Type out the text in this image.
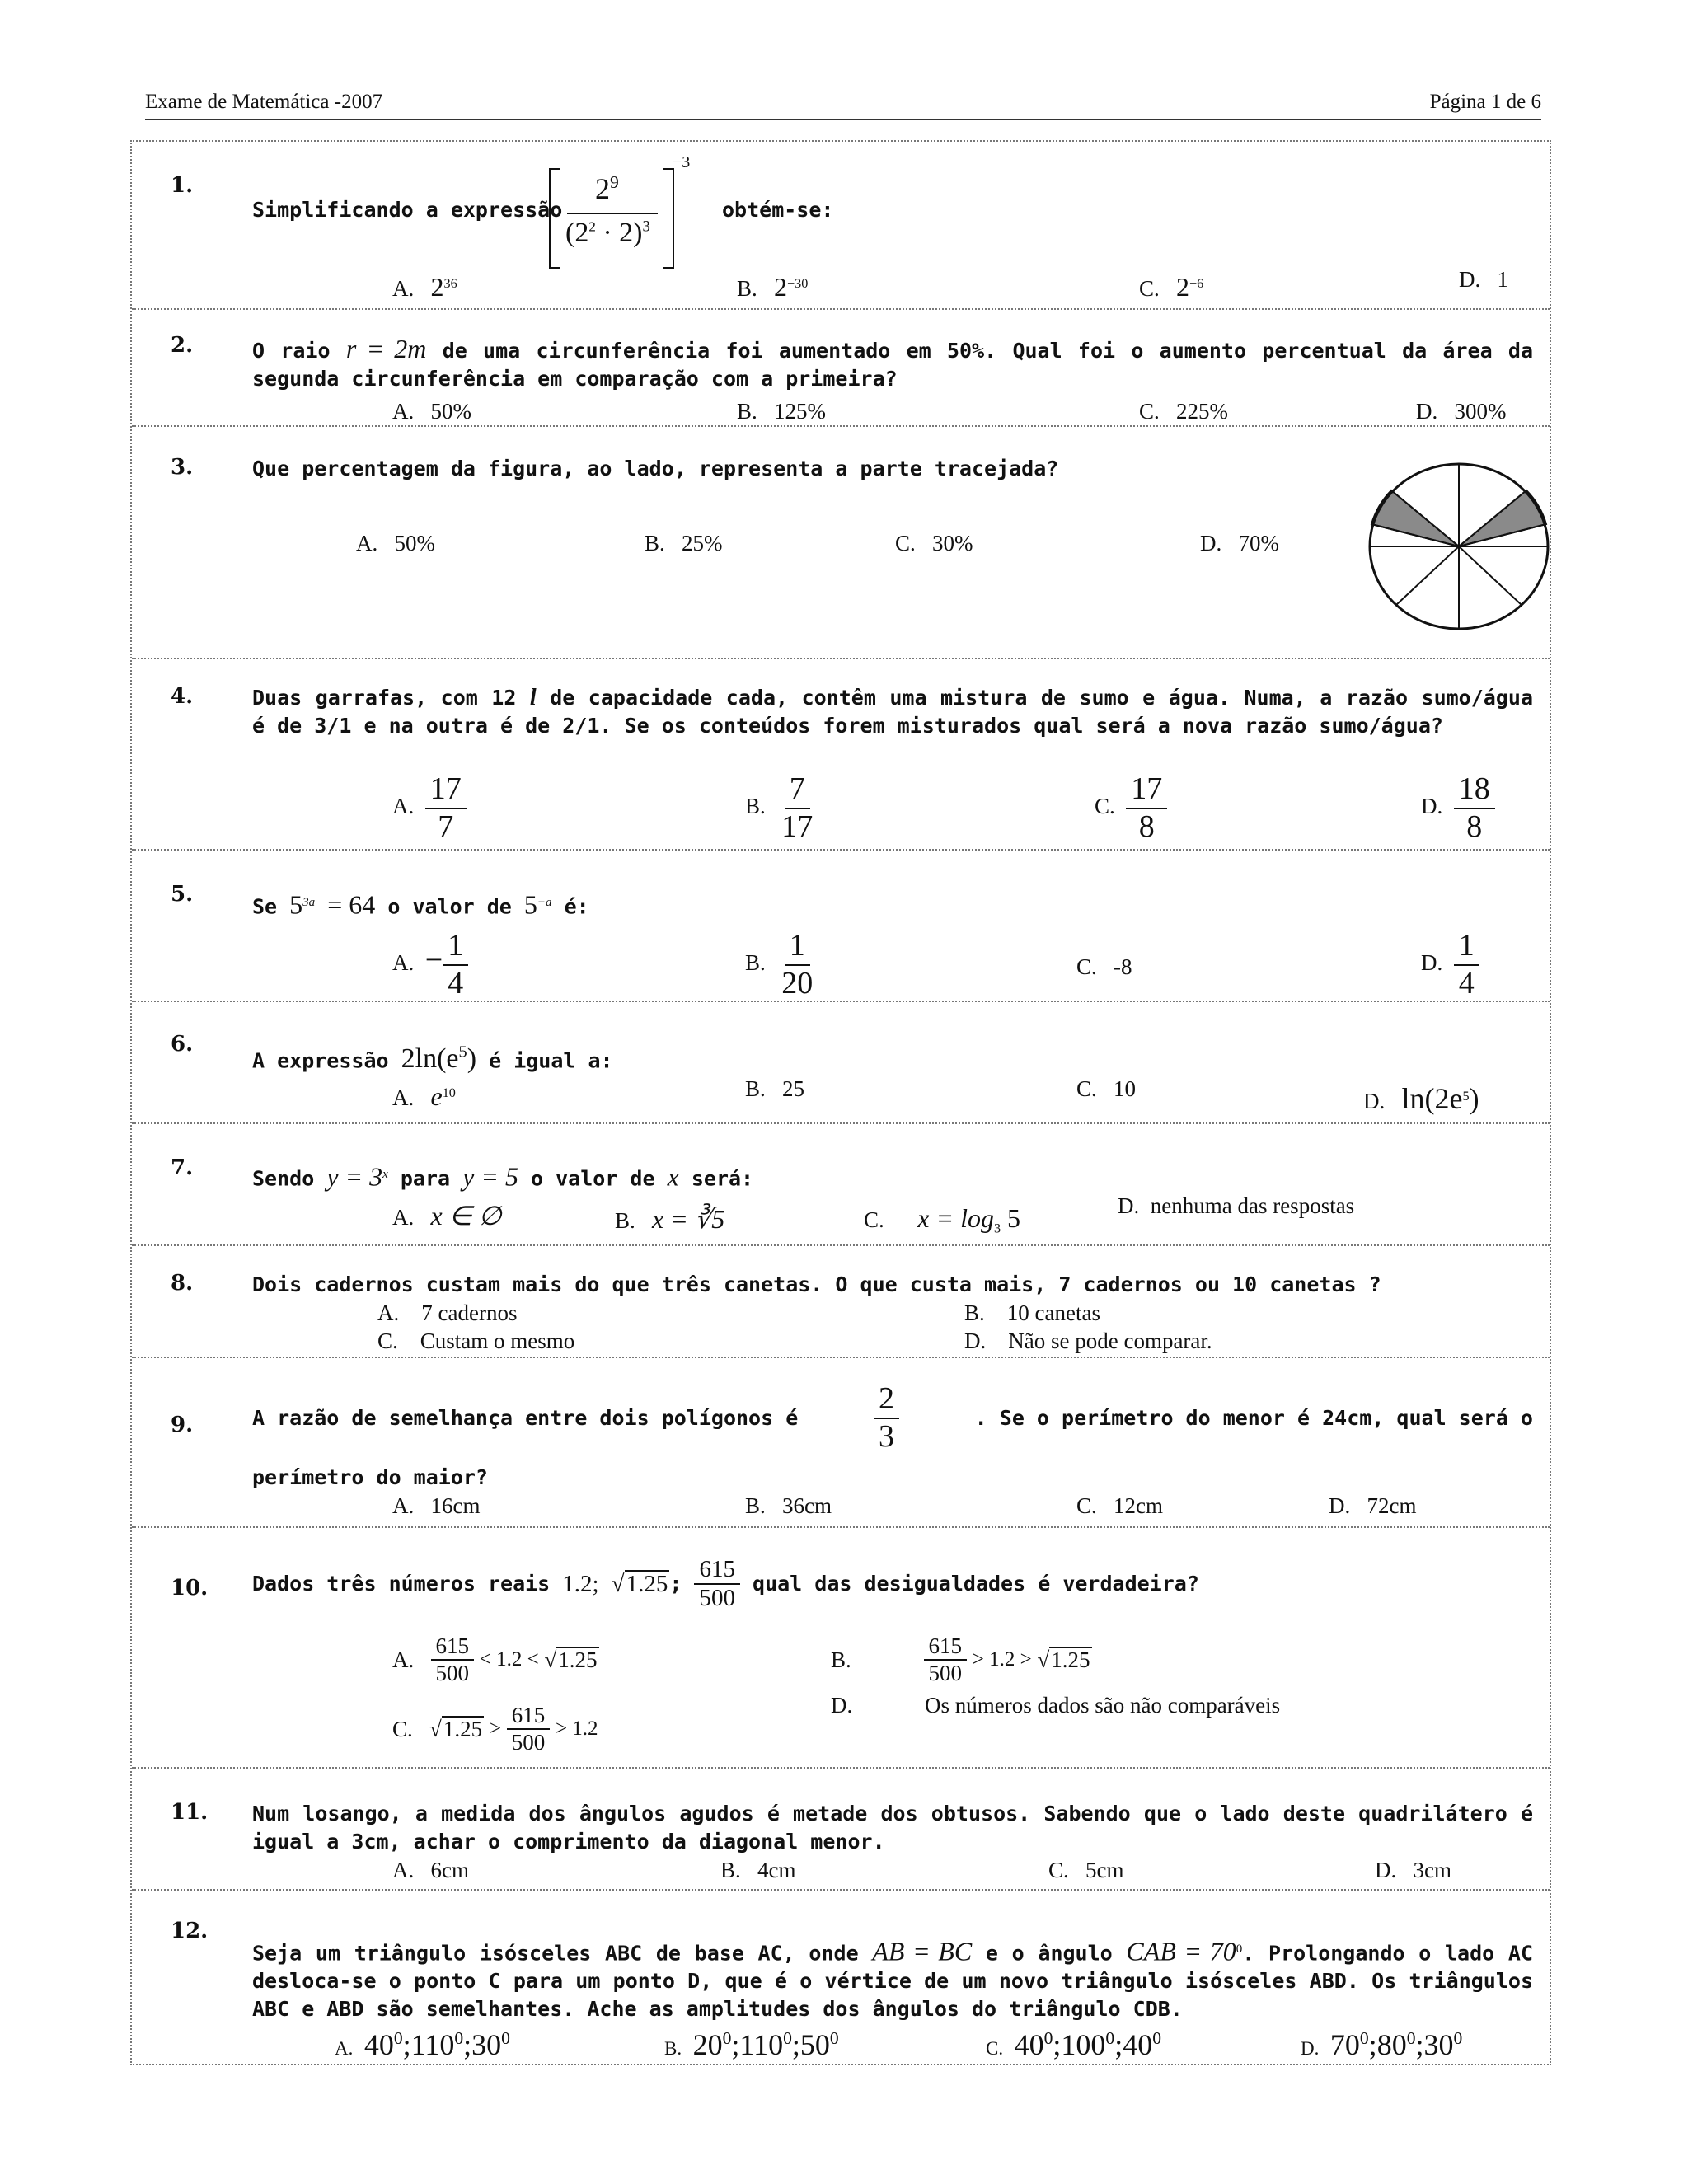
Exame de Matemática -2007	Página 1 de 6
1.
Simplificando a expressão
−3
$2^9$
$(2^2 \cdot 2)^3$
obtém-se:
A. $2^{36}$	B. $2^{-30}$	C. $2^{-6}$	D. 1
2.	O raio r = 2m de uma circunferência foi aumentado em 50%. Qual foi o aumento percentual da área da segunda circunferência em comparação com a primeira?
A. 50%	B. 125%	C. 225%	D. 300%
3.	Que percentagem da figura, ao lado, representa a parte tracejada?
A. 50%	B. 25%	C. 30%	D. 70%
4.	Duas garrafas, com 12 l de capacidade cada, contêm uma mistura de sumo e água. Numa, a razão sumo/água é de 3/1 e na outra é de 2/1. Se os conteúdos forem misturados qual será a nova razão sumo/água?
A. $\frac{17}{7}$	B. $\frac{7}{17}$	C. $\frac{17}{8}$	D. $\frac{18}{8}$
5.	Se $5^{3a} = 64$ o valor de $5^{-a}$ é:
A. − $\frac{1}{4}$	B. $\frac{1}{20}$	C. -8	D. $\frac{1}{4}$
6.
A expressão $2\ln(e^5)$ é igual a:
A. $e^{10}$	B. 25	C. 10	D. $\ln(2e^5)$
7.	Sendo $y = 3^x$ para y = 5 o valor de x será:
A. x ∈ ∅	B. x = ∛5	C. $x = \log_3 5$	D. nenhuma das respostas
8.	Dois cadernos custam mais do que três canetas. O que custa mais, 7 cadernos ou 10 canetas ?
A. 7 cadernos	B. 10 canetas
C. Custam o mesmo	D. Não se pode comparar.
9.	A razão de semelhança entre dois polígonos é $\frac{2}{3}$	. Se o perímetro do menor é 24cm, qual será o
perímetro do maior?
A. 16cm	B. 36cm	C. 12cm	D. 72cm
10. Dados três números reais
1.2;
√1.25 ;
$\frac{615}{500}$
qual das desigualdades é verdadeira?
A.
$\frac{615}{500}$
< 1.2 < √ 1.25	B.
	$\frac{615}{500}$
> 1.2 > √ 1.25
C. √ 1.25
>
$\frac{615}{500}$
> 1.2
D.	Os números dados são não comparáveis
11. Num losango, a medida dos ângulos agudos é metade dos obtusos. Sabendo que o lado deste quadrilátero é igual a 3cm, achar o comprimento da diagonal menor.
A. 6cm	B. 4cm	C. 5cm	D. 3cm
12.
Seja um triângulo isósceles ABC de base AC, onde AB = BC e o ângulo CAB = $70^0$. Prolongando o lado AC desloca-se o ponto C para um ponto D, que é o vértice de um novo triângulo isósceles ABD. Os triângulos ABC e ABD são semelhantes. Ache as amplitudes dos ângulos do triângulo CDB.
A. $40^0;110^0;30^0$	B. $20^0;110^0;50^0$	C. $40^0;100^0;40^0$	D. $70^0;80^0;30^0$
